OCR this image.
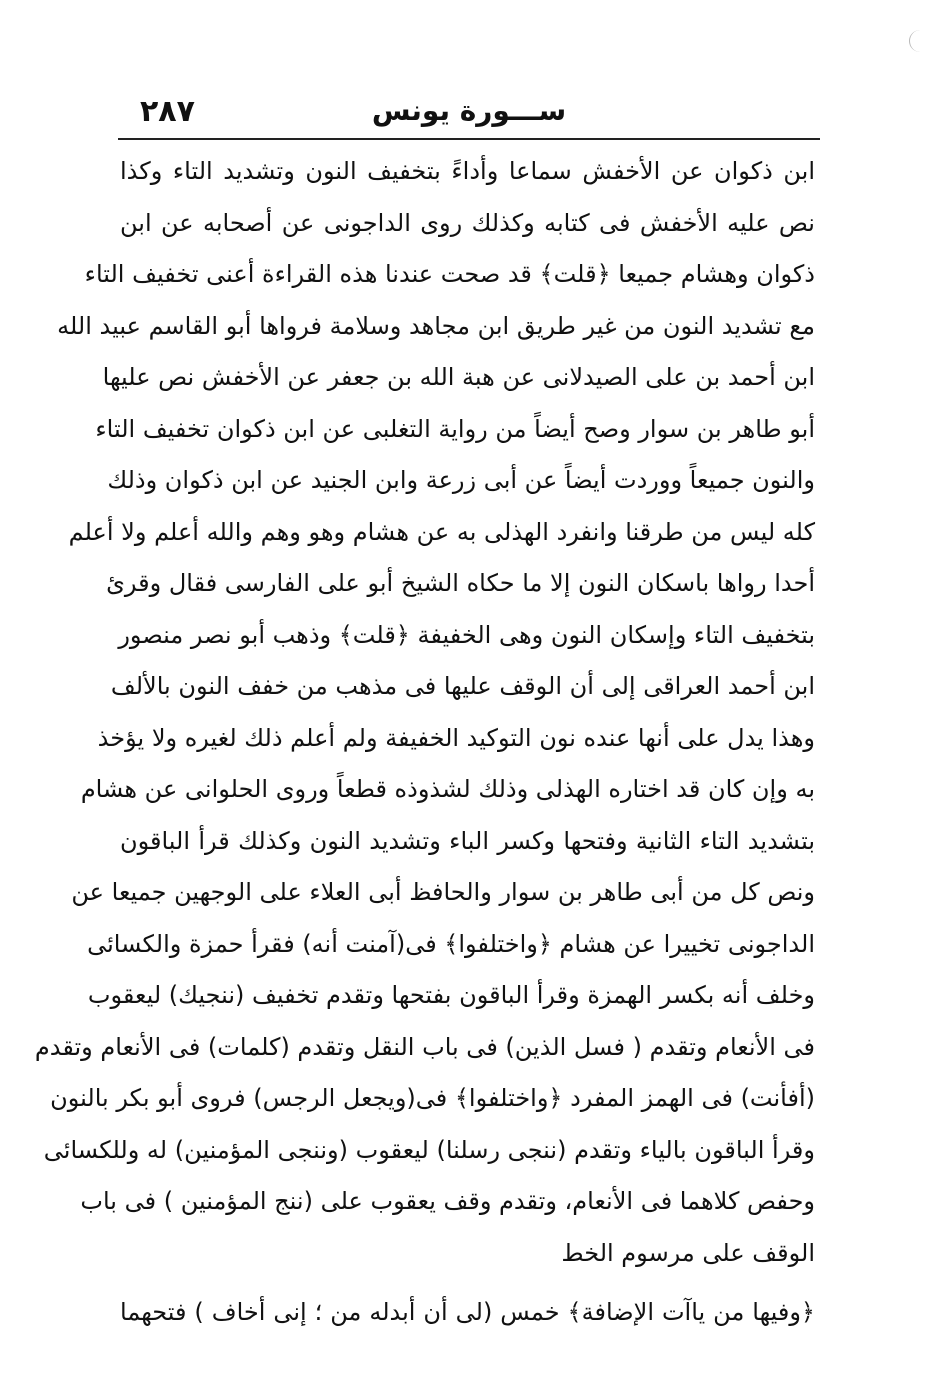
٢٨٧	ســـورة يونس
ابن ذكوان عن الأخفش سماعا وأداءً بتخفيف النون وتشديد التاء وكذا
نص عليه الأخفش فى كتابه وكذلك روى الداجونى عن أصحابه عن ابن
ذكوان وهشام جميعا ﴿قلت﴾ قد صحت عندنا هذه القراءة أعنى تخفيف التاء
مع تشديد النون من غير طريق ابن مجاهد وسلامة فرواها أبو القاسم عبيد الله
ابن أحمد بن على الصيدلانى عن هبة الله بن جعفر عن الأخفش نص عليها
أبو طاهر بن سوار وصح أيضاً من رواية التغلبى عن ابن ذكوان تخفيف التاء
والنون جميعاً ووردت أيضاً عن أبى زرعة وابن الجنيد عن ابن ذكوان وذلك
كله ليس من طرقنا وانفرد الهذلى به عن هشام وهو وهم والله أعلم ولا أعلم
أحدا رواها باسكان النون إلا ما حكاه الشيخ أبو على الفارسى فقال وقرئ
بتخفيف التاء وإسكان النون وهى الخفيفة ﴿قلت﴾ وذهب أبو نصر منصور
ابن أحمد العراقى إلى أن الوقف عليها فى مذهب من خفف النون بالألف
وهذا يدل على أنها عنده نون التوكيد الخفيفة ولم أعلم ذلك لغيره ولا يؤخذ
به وإن كان قد اختاره الهذلى وذلك لشذوذه قطعاً وروى الحلوانى عن هشام
بتشديد التاء الثانية وفتحها وكسر الباء وتشديد النون وكذلك قرأ الباقون
ونص كل من أبى طاهر بن سوار والحافظ أبى العلاء على الوجهين جميعا عن
الداجونى تخييرا عن هشام ﴿واختلفوا﴾ فى(آمنت أنه) فقرأ حمزة والكسائى
وخلف أنه بكسر الهمزة وقرأ الباقون بفتحها وتقدم تخفيف (ننجيك) ليعقوب
فى الأنعام وتقدم ( فسل الذين) فى باب النقل وتقدم (كلمات) فى الأنعام وتقدم
(أفأنت) فى الهمز المفرد ﴿واختلفوا﴾ فى(ويجعل الرجس) فروى أبو بكر بالنون
وقرأ الباقون بالياء وتقدم (ننجى رسلنا) ليعقوب (وننجى المؤمنين) له وللكسائى
وحفص كلاهما فى الأنعام، وتقدم وقف يعقوب على (ننج المؤمنين ) فى باب
الوقف على مرسوم الخط
﴿وفيها من ياآت الإضافة﴾ خمس (لى أن أبدله من ؛ إنى أخاف ) فتحهما
